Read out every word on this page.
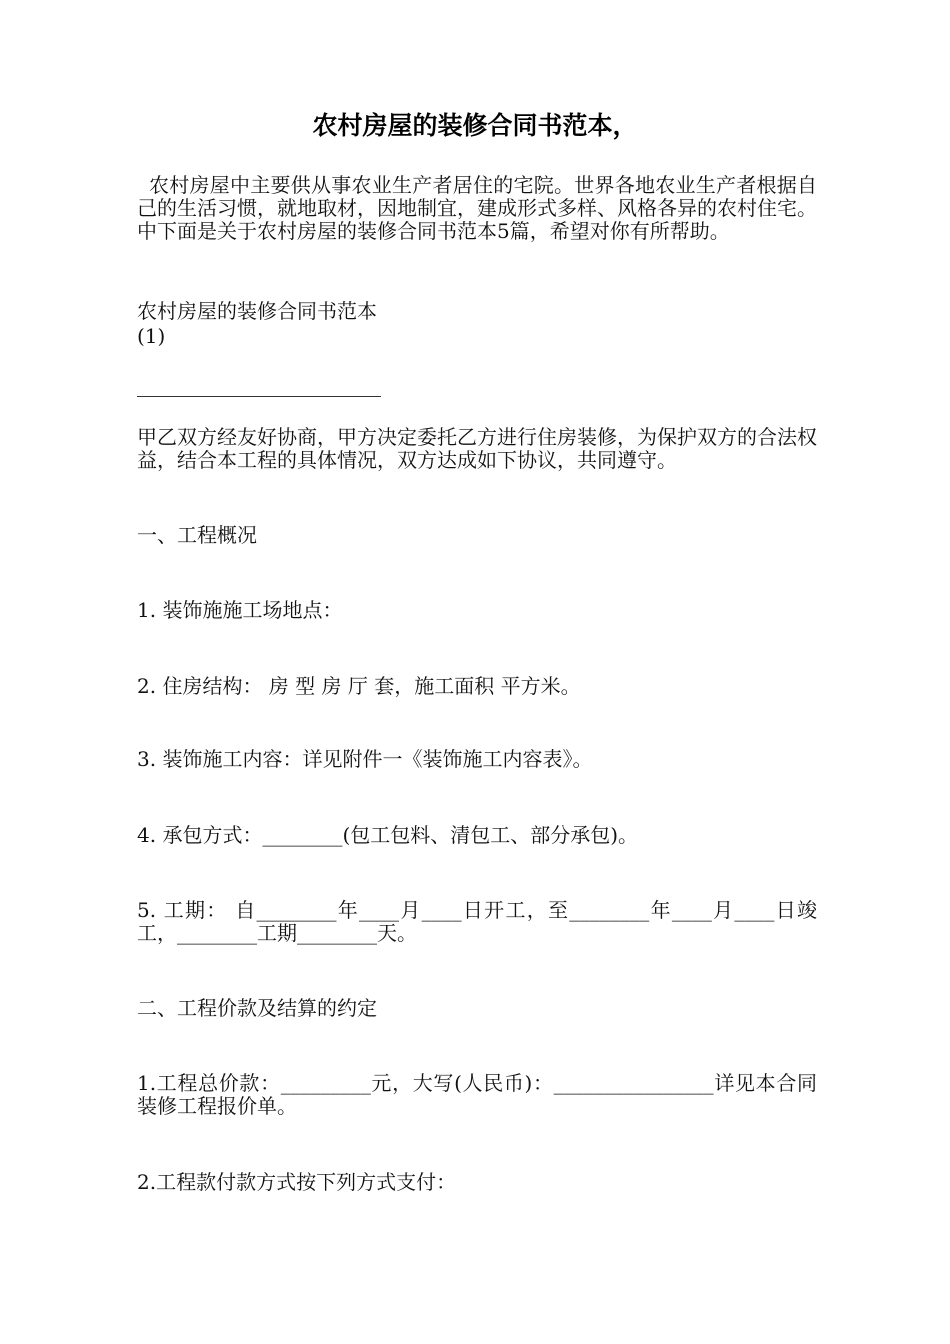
农村房屋的装修合同书范本，
农村房屋中主要供从事农业生产者居住的宅院。世界各地农业生产者根据自己的生活习惯，就地取材，因地制宜，建成形式多样、风格各异的农村住宅。中下面是关于农村房屋的装修合同书范本5篇，希望对你有所帮助。
农村房屋的装修合同书范本
(1)
甲乙双方经友好协商，甲方决定委托乙方进行住房装修，为保护双方的合法权益，结合本工程的具体情况，双方达成如下协议，共同遵守。
一、工程概况
1. 装饰施施工场地点：
2. 住房结构： 房 型 房 厅 套，施工面积 平方米。
3. 装饰施工内容：详见附件一《装饰施工内容表》。
4. 承包方式：________(包工包料、清包工、部分承包)。
5. 工期： 自________年____月____日开工，至________年____月____日竣工，________工期________天。
二、工程价款及结算的约定
1.工程总价款：_________元，大写(人民币)：________________详见本合同装修工程报价单。
2.工程款付款方式按下列方式支付：
